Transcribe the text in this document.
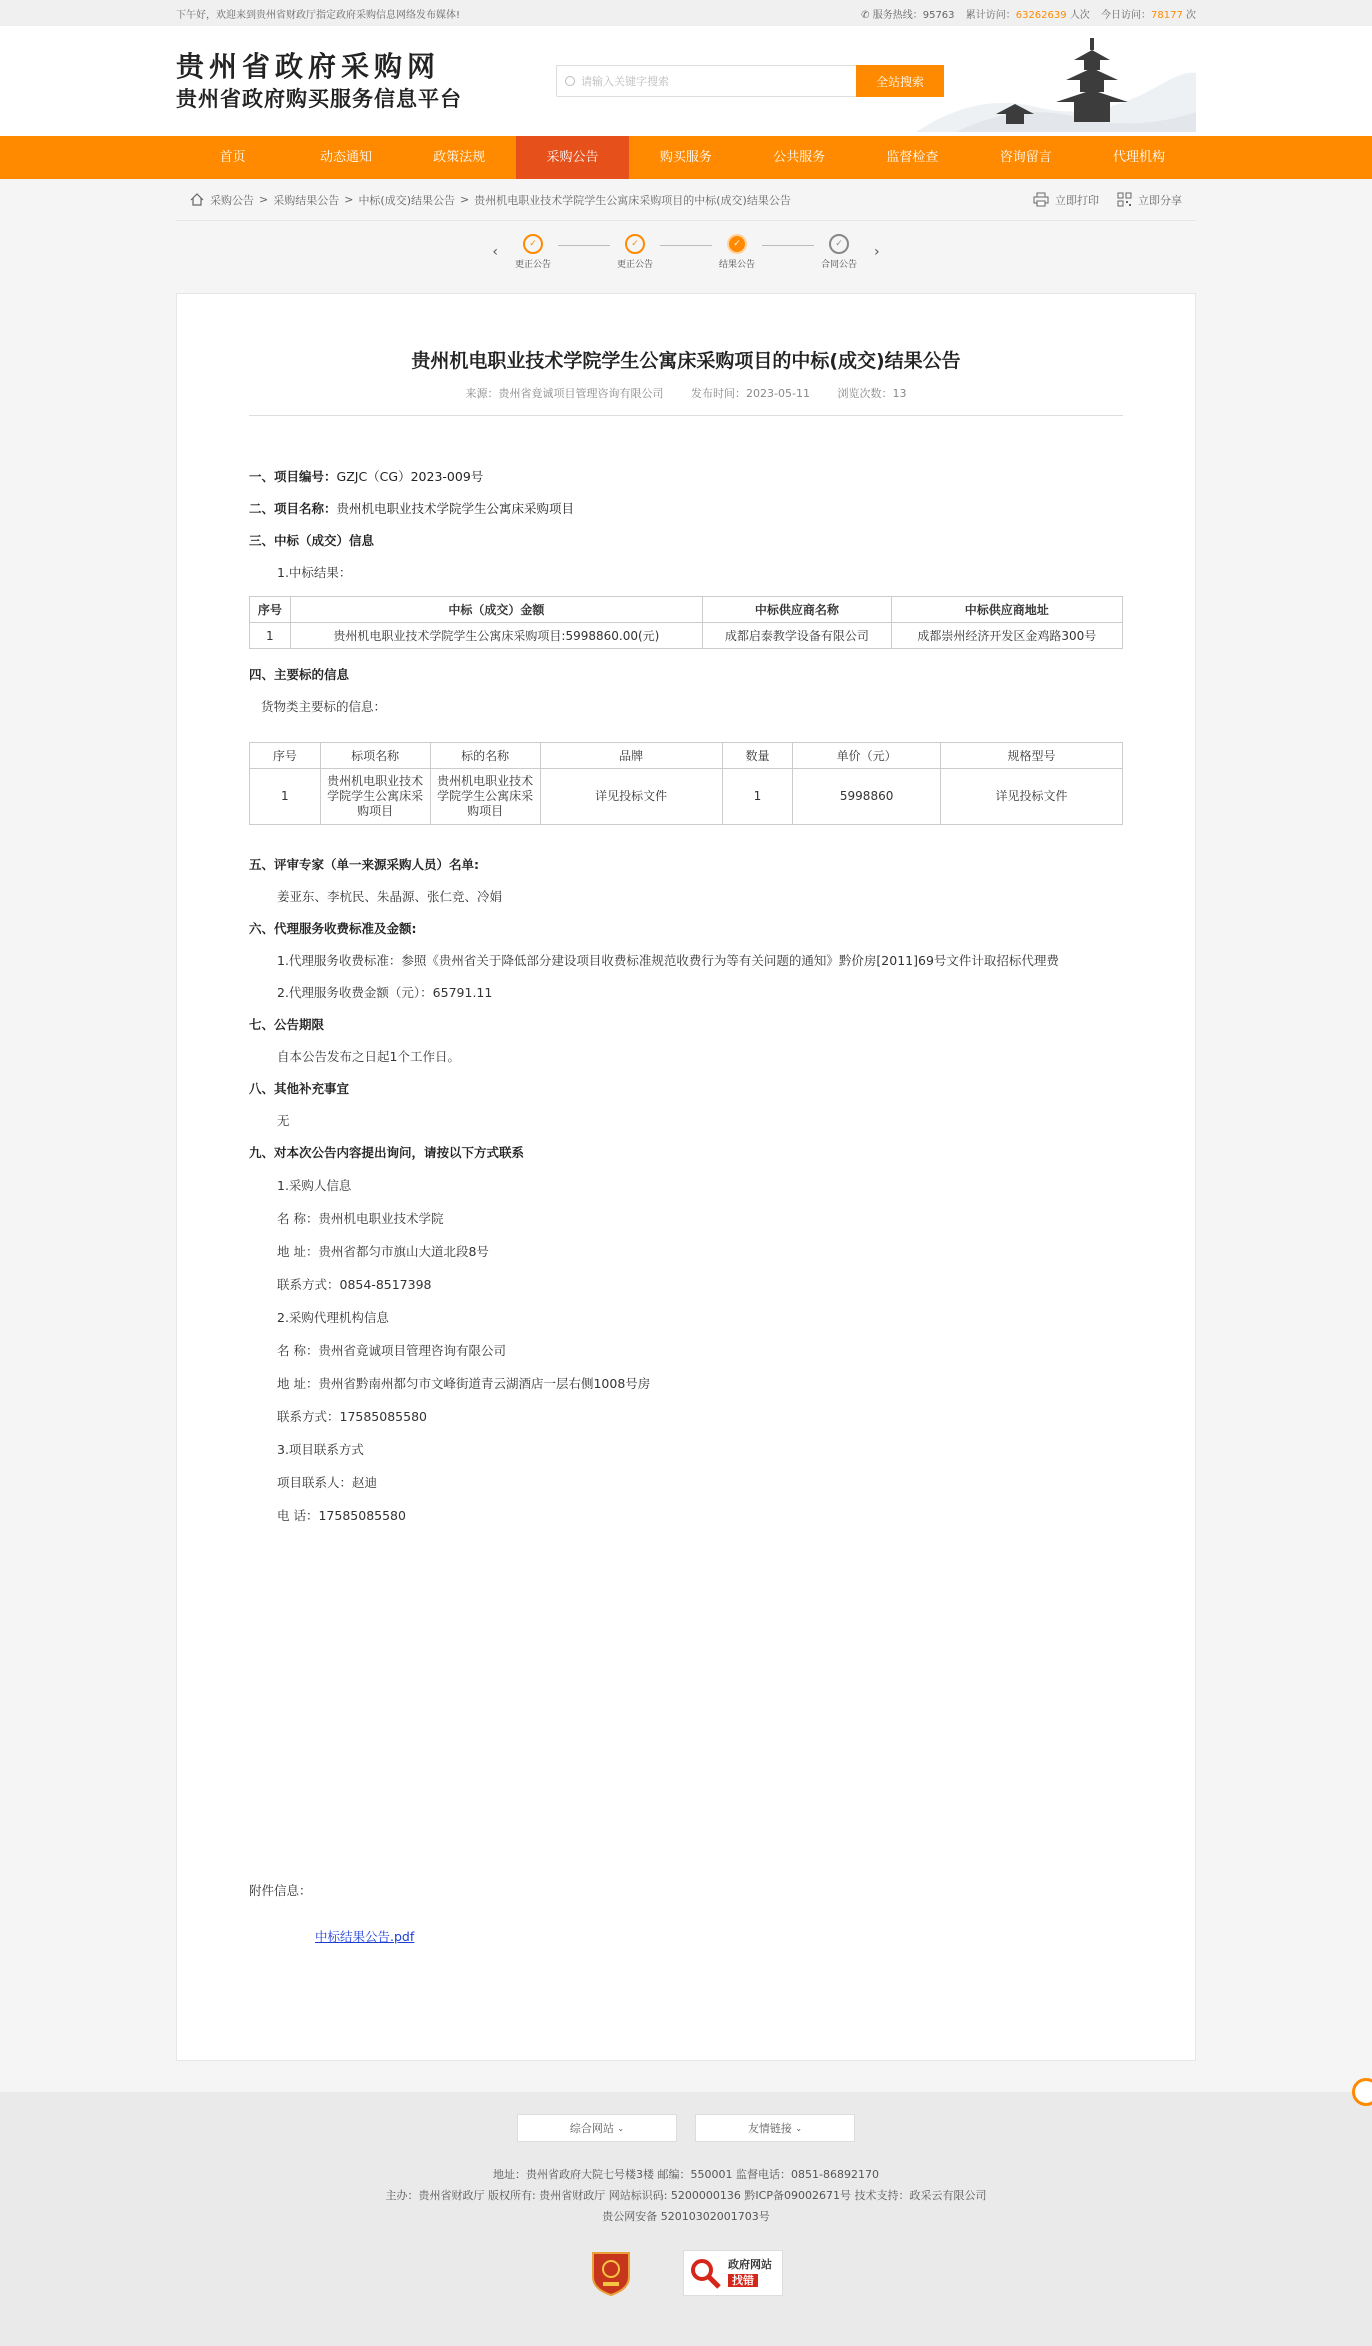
下午好，欢迎来到贵州省财政厅指定政府采购信息网络发布媒体!	✆ 服务热线：95763 累计访问：63262639 人次 今日访问：78177 次
贵州省政府采购网
贵州省政府购买服务信息平台
请输入关键字搜索	全站搜索
首页	动态通知	政策法规	采购公告	购买服务	公共服务	监督检查	咨询留言	代理机构
采购公告 > 采购结果公告 > 中标(成交)结果公告 > 贵州机电职业技术学院学生公寓床采购项目的中标(成交)结果公告	立即打印	立即分享
‹	✓
更正公告
✓
更正公告
✓
结果公告
✓
合同公告
›
贵州机电职业技术学院学生公寓床采购项目的中标(成交)结果公告
来源：贵州省竟诚项目管理咨询有限公司	发布时间：2023-05-11	浏览次数：13
一、项目编号：GZJC（CG）2023-009号
二、项目名称：贵州机电职业技术学院学生公寓床采购项目
三、中标（成交）信息
1.中标结果：
序号	中标（成交）金额	中标供应商名称	中标供应商地址
1	贵州机电职业技术学院学生公寓床采购项目:5998860.00(元)	成都启泰教学设备有限公司	成都崇州经济开发区金鸡路300号
四、主要标的信息
货物类主要标的信息：
序号	标项名称	标的名称	品牌	数量	单价（元）	规格型号
1	贵州机电职业技术学院学生公寓床采购项目	贵州机电职业技术学院学生公寓床采购项目	详见投标文件	1	5998860	详见投标文件
五、评审专家（单一来源采购人员）名单:
姜亚东、李杭民、朱晶源、张仁竞、冷娟
六、代理服务收费标准及金额:
1.代理服务收费标准：参照《贵州省关于降低部分建设项目收费标准规范收费行为等有关问题的通知》黔价房[2011]69号文件计取招标代理费
2.代理服务收费金额（元）：65791.11
七、公告期限
自本公告发布之日起1个工作日。
八、其他补充事宜
无
九、对本次公告内容提出询问，请按以下方式联系
1.采购人信息
名 称：贵州机电职业技术学院
地 址：贵州省都匀市旗山大道北段8号
联系方式：0854-8517398
2.采购代理机构信息
名 称：贵州省竟诚项目管理咨询有限公司
地 址：贵州省黔南州都匀市文峰街道青云湖酒店一层右侧1008号房
联系方式：17585085580
3.项目联系方式
项目联系人：赵迪
电 话：17585085580
附件信息：
中标结果公告.pdf
综合网站
⌄	友情链接
⌄
地址：贵州省政府大院七号楼3楼 邮编：550001 监督电话：0851-86892170
主办：贵州省财政厅 版权所有: 贵州省财政厅 网站标识码: 5200000136 黔ICP备09002671号 技术支持：政采云有限公司
贵公网安备 52010302001703号
政府网站
找错
